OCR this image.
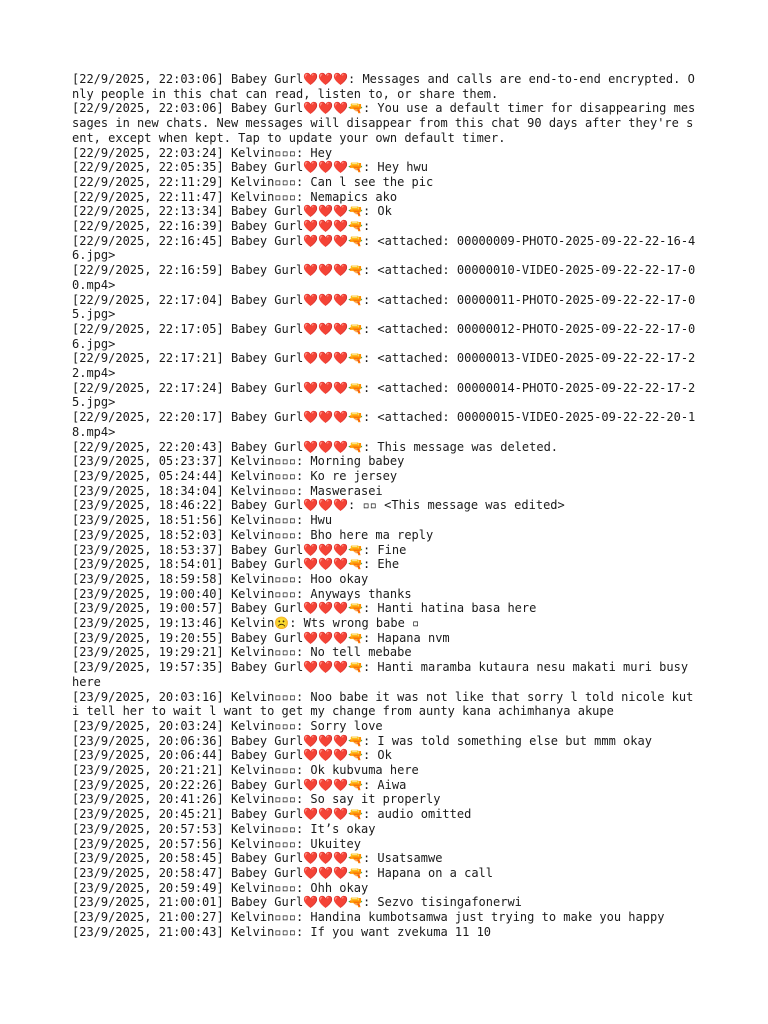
[22/9/2025, 22:03:06] Babey Gurl❤️❤️❤️: Messages and calls are end-to-end encrypted. Only people in this chat can read, listen to, or share them.

[22/9/2025, 22:03:06] Babey Gurl❤️❤️❤️🔫: You use a default timer for disappearing messages in new chats. New messages will disappear from this chat 90 days after they're sent, except when kept. Tap to update your own default timer.

[22/9/2025, 22:03:24] Kelvin▫▫▫: Hey

[22/9/2025, 22:05:35] Babey Gurl❤️❤️❤️🔫: Hey hwu

[22/9/2025, 22:11:29] Kelvin▫▫▫: Can l see the pic

[22/9/2025, 22:11:47] Kelvin▫▫▫: Nemapics ako

[22/9/2025, 22:13:34] Babey Gurl❤️❤️❤️🔫: Ok

[22/9/2025, 22:16:39] Babey Gurl❤️❤️❤️🔫:

[22/9/2025, 22:16:45] Babey Gurl❤️❤️❤️🔫: <attached: 00000009-PHOTO-2025-09-22-22-16-46.jpg>

[22/9/2025, 22:16:59] Babey Gurl❤️❤️❤️🔫: <attached: 00000010-VIDEO-2025-09-22-22-17-00.mp4>

[22/9/2025, 22:17:04] Babey Gurl❤️❤️❤️🔫: <attached: 00000011-PHOTO-2025-09-22-22-17-05.jpg>

[22/9/2025, 22:17:05] Babey Gurl❤️❤️❤️🔫: <attached: 00000012-PHOTO-2025-09-22-22-17-06.jpg>

[22/9/2025, 22:17:21] Babey Gurl❤️❤️❤️🔫: <attached: 00000013-VIDEO-2025-09-22-22-17-22.mp4>

[22/9/2025, 22:17:24] Babey Gurl❤️❤️❤️🔫: <attached: 00000014-PHOTO-2025-09-22-22-17-25.jpg>

[22/9/2025, 22:20:17] Babey Gurl❤️❤️❤️🔫: <attached: 00000015-VIDEO-2025-09-22-22-20-18.mp4>

[22/9/2025, 22:20:43] Babey Gurl❤️❤️❤️🔫: This message was deleted.

[23/9/2025, 05:23:37] Kelvin▫▫▫: Morning babey

[23/9/2025, 05:24:44] Kelvin▫▫▫: Ko re jersey

[23/9/2025, 18:34:04] Kelvin▫▫▫: Maswerasei

[23/9/2025, 18:46:22] Babey Gurl❤️❤️❤️: ▫▫ <This message was edited>

[23/9/2025, 18:51:56] Kelvin▫▫▫: Hwu

[23/9/2025, 18:52:03] Kelvin▫▫▫: Bho here ma reply

[23/9/2025, 18:53:37] Babey Gurl❤️❤️❤️🔫: Fine

[23/9/2025, 18:54:01] Babey Gurl❤️❤️❤️🔫: Ehe

[23/9/2025, 18:59:58] Kelvin▫▫▫: Hoo okay

[23/9/2025, 19:00:40] Kelvin▫▫▫: Anyways thanks

[23/9/2025, 19:00:57] Babey Gurl❤️❤️❤️🔫: Hanti hatina basa here

[23/9/2025, 19:13:46] Kelvin☹️: Wts wrong babe ▫

[23/9/2025, 19:20:55] Babey Gurl❤️❤️❤️🔫: Hapana nvm

[23/9/2025, 19:29:21] Kelvin▫▫▫: No tell mebabe

[23/9/2025, 19:57:35] Babey Gurl❤️❤️❤️🔫: Hanti maramba kutaura nesu makati muri busy here

[23/9/2025, 20:03:16] Kelvin▫▫▫: Noo babe it was not like that sorry l told nicole kuti tell her to wait l want to get my change from aunty kana achimhanya akupe

[23/9/2025, 20:03:24] Kelvin▫▫▫: Sorry love

[23/9/2025, 20:06:36] Babey Gurl❤️❤️❤️🔫: I was told something else but mmm okay

[23/9/2025, 20:06:44] Babey Gurl❤️❤️❤️🔫: Ok

[23/9/2025, 20:21:21] Kelvin▫▫▫: Ok kubvuma here

[23/9/2025, 20:22:26] Babey Gurl❤️❤️❤️🔫: Aiwa

[23/9/2025, 20:41:26] Kelvin▫▫▫: So say it properly

[23/9/2025, 20:45:21] Babey Gurl❤️❤️❤️🔫: audio omitted

[23/9/2025, 20:57:53] Kelvin▫▫▫: It’s okay

[23/9/2025, 20:57:56] Kelvin▫▫▫: Ukuitey

[23/9/2025, 20:58:45] Babey Gurl❤️❤️❤️🔫: Usatsamwe

[23/9/2025, 20:58:47] Babey Gurl❤️❤️❤️🔫: Hapana on a call

[23/9/2025, 20:59:49] Kelvin▫▫▫: Ohh okay

[23/9/2025, 21:00:01] Babey Gurl❤️❤️❤️🔫: Sezvo tisingafonerwi

[23/9/2025, 21:00:27] Kelvin▫▫▫: Handina kumbotsamwa just trying to make you happy

[23/9/2025, 21:00:43] Kelvin▫▫▫: If you want zvekuma 11 10
